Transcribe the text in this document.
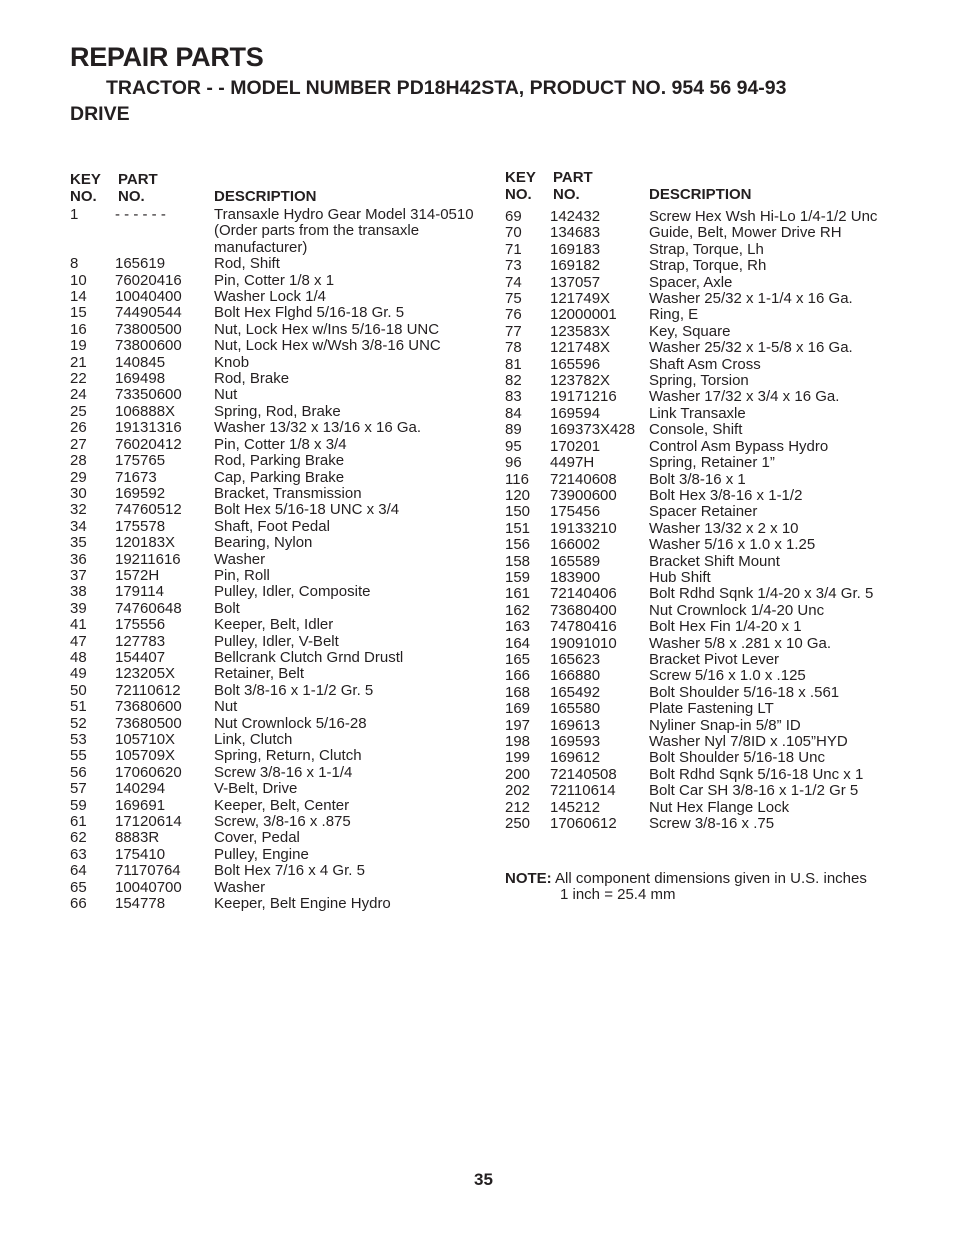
REPAIR PARTS
TRACTOR - - MODEL NUMBER PD18H42STA, PRODUCT NO. 954 56 94-93
DRIVE
KEY
NO.
PART
NO.	DESCRIPTION
1 - - - - - -	Transaxle Hydro Gear Model 314-0510 (Order parts from the transaxle manufacturer)
8 165619	Rod, Shift
10 76020416 Pin, Cotter 1/8 x 1
14 10040400 Washer Lock 1/4
15 74490544 Bolt Hex Flghd 5/16-18 Gr. 5
16 73800500 Nut, Lock Hex w/Ins 5/16-18 UNC
19 73800600 Nut, Lock Hex w/Wsh 3/8-16 UNC
21 140845	Knob
22 169498	Rod, Brake
24 73350600 Nut
25 106888X	Spring, Rod, Brake
26 19131316 Washer 13/32 x 13/16 x 16 Ga.
27 76020412 Pin, Cotter 1/8 x 3/4
28 175765	Rod, Parking Brake
29 71673	Cap, Parking Brake
30 169592	Bracket, Transmission
32 74760512 Bolt Hex 5/16-18 UNC x 3/4
34 175578	Shaft, Foot Pedal
35 120183X	Bearing, Nylon
36 19211616 Washer
37 1572H	Pin, Roll
38 179114	Pulley, Idler, Composite
39 74760648 Bolt
41 175556	Keeper, Belt, Idler
47 127783	Pulley, Idler, V-Belt
48 154407	Bellcrank Clutch Grnd Drustl
49 123205X	Retainer, Belt
50 72110612 Bolt 3/8-16 x 1-1/2 Gr. 5
51 73680600 Nut
52 73680500 Nut Crownlock 5/16-28
53 105710X	Link, Clutch
55 105709X	Spring, Return, Clutch
56 17060620 Screw 3/8-16 x 1-1/4
57 140294	V-Belt, Drive
59 169691	Keeper, Belt, Center
61 17120614 Screw, 3/8-16 x .875
62 8883R	Cover, Pedal
63 175410	Pulley, Engine
64 71170764 Bolt Hex 7/16 x 4 Gr. 5
65 10040700 Washer
66 154778	Keeper, Belt Engine Hydro
KEY
NO.
PART
NO.	DESCRIPTION
69 142432	Screw Hex Wsh Hi-Lo 1/4-1/2 Unc
70 134683	Guide, Belt, Mower Drive RH
71 169183	Strap, Torque, Lh
73 169182	Strap, Torque, Rh
74 137057	Spacer, Axle
75 121749X	Washer 25/32 x 1-1/4 x 16 Ga.
76 12000001 Ring, E
77 123583X	Key, Square
78 121748X	Washer 25/32 x 1-5/8 x 16 Ga.
81 165596	Shaft Asm Cross
82 123782X	Spring, Torsion
83 19171216 Washer 17/32 x 3/4 x 16 Ga.
84 169594	Link Transaxle
89 169373X428 Console, Shift
95 170201	Control Asm Bypass Hydro
96 4497H	Spring, Retainer 1”
116 72140608 Bolt 3/8-16 x 1
120 73900600 Bolt Hex 3/8-16 x 1-1/2
150 175456	Spacer Retainer
151 19133210 Washer 13/32 x 2 x 10
156 166002	Washer 5/16 x 1.0 x 1.25
158 165589	Bracket Shift Mount
159 183900	Hub Shift
161 72140406 Bolt Rdhd Sqnk 1/4-20 x 3/4 Gr. 5
162 73680400 Nut Crownlock 1/4-20 Unc
163 74780416 Bolt Hex Fin 1/4-20 x 1
164 19091010 Washer 5/8 x .281 x 10 Ga.
165 165623	Bracket Pivot Lever
166 166880	Screw 5/16 x 1.0 x .125
168 165492	Bolt Shoulder 5/16-18 x .561
169 165580	Plate Fastening LT
197 169613	Nyliner Snap-in 5/8” ID
198 169593	Washer Nyl 7/8ID x .105”HYD
199 169612	Bolt Shoulder 5/16-18 Unc
200 72140508 Bolt Rdhd Sqnk 5/16-18 Unc x 1
202 72110614 Bolt Car SH 3/8-16 x 1-1/2 Gr 5
212 145212	Nut Hex Flange Lock
250 17060612 Screw 3/8-16 x .75
NOTE: All component dimensions given in U.S. inches
1 inch = 25.4 mm
35
